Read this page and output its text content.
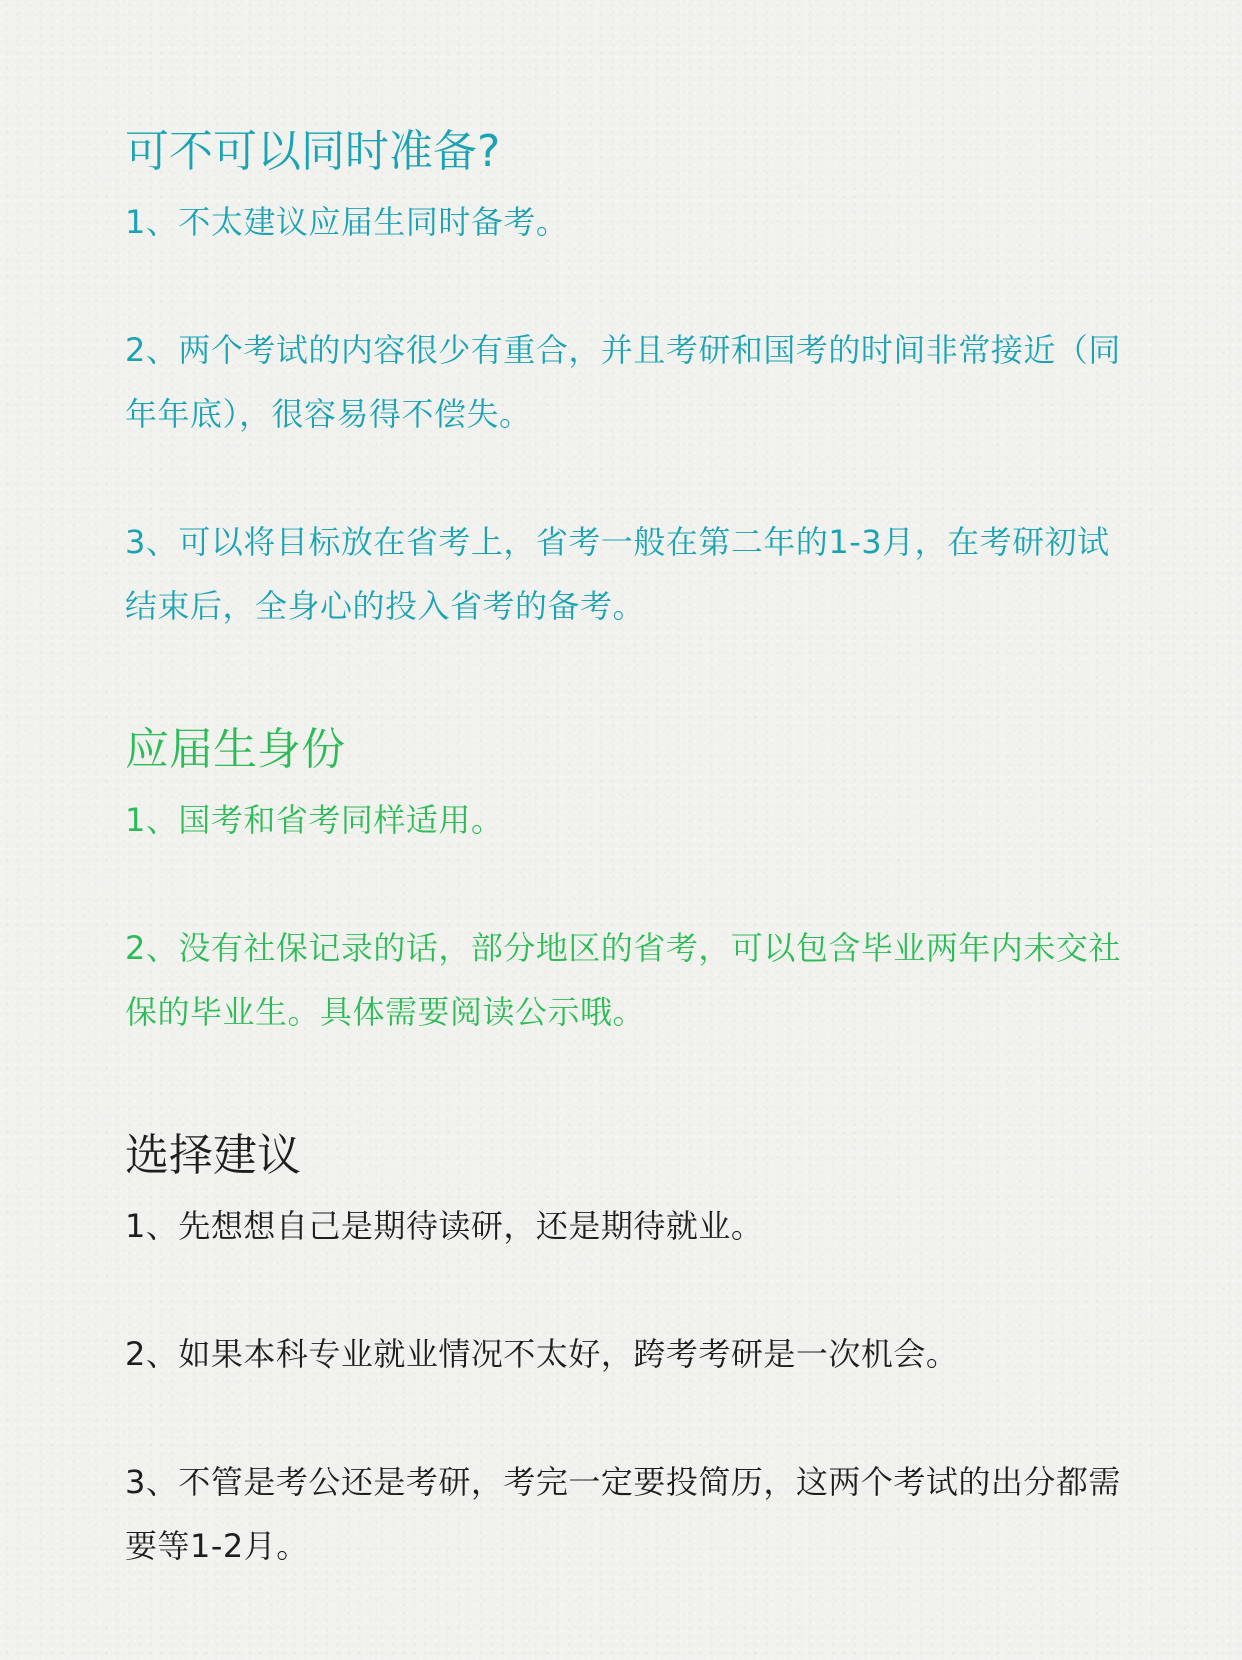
可不可以同时准备?

1、不太建议应届生同时备考。

2、两个考试的内容很少有重合，并且考研和国考的时间非常接近（同年年底），很容易得不偿失。

3、可以将目标放在省考上，省考一般在第二年的1-3月，在考研初试结束后，全身心的投入省考的备考。

应届生身份

1、国考和省考同样适用。

2、没有社保记录的话，部分地区的省考，可以包含毕业两年内未交社保的毕业生。具体需要阅读公示哦。

选择建议

1、先想想自己是期待读研，还是期待就业。

2、如果本科专业就业情况不太好，跨考考研是一次机会。

3、不管是考公还是考研，考完一定要投简历，这两个考试的出分都需要等1-2月。
